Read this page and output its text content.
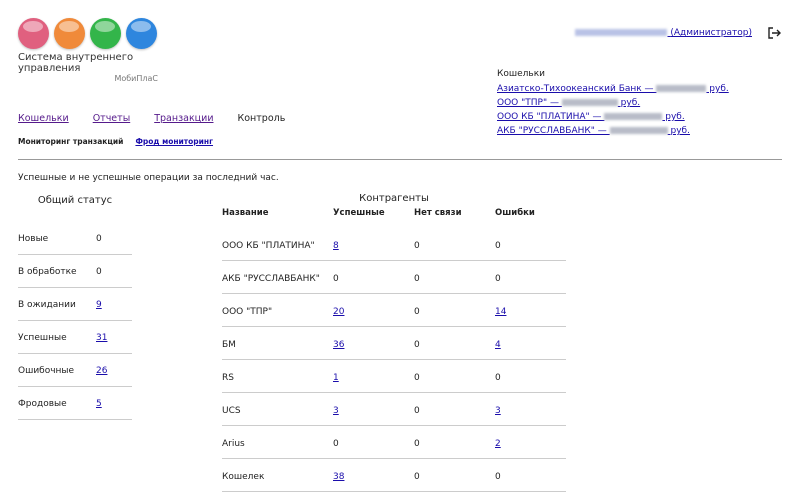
Система внутреннего управления
МобиПлаС
(Администратор)
Кошельки
Азиатско-Тихоокеанский Банк —	руб.
ООО "ТПР" —	руб.
ООО КБ "ПЛАТИНА" —	руб.
АКБ "РУССЛАВБАНК" —	руб.
Кошельки	Отчеты	Транзакции	Контроль
Мониторинг транзакций Фрод мониторинг
Успешные и не успешные операции за последний час.
Общий статус
Новые	0
В обработке	0
В ожидании	9
Успешные	31
Ошибочные	26
Фродовые	5
Контрагенты
Название	Успешные	Нет связи	Ошибки
ООО КБ "ПЛАТИНА"	8	0	0
АКБ "РУССЛАВБАНК"	0	0	0
ООО "ТПР"	20	0	14
БМ	36	0	4
RS	1	0	0
UCS	3	0	3
Arius	0	0	2
Кошелек	38	0	0
